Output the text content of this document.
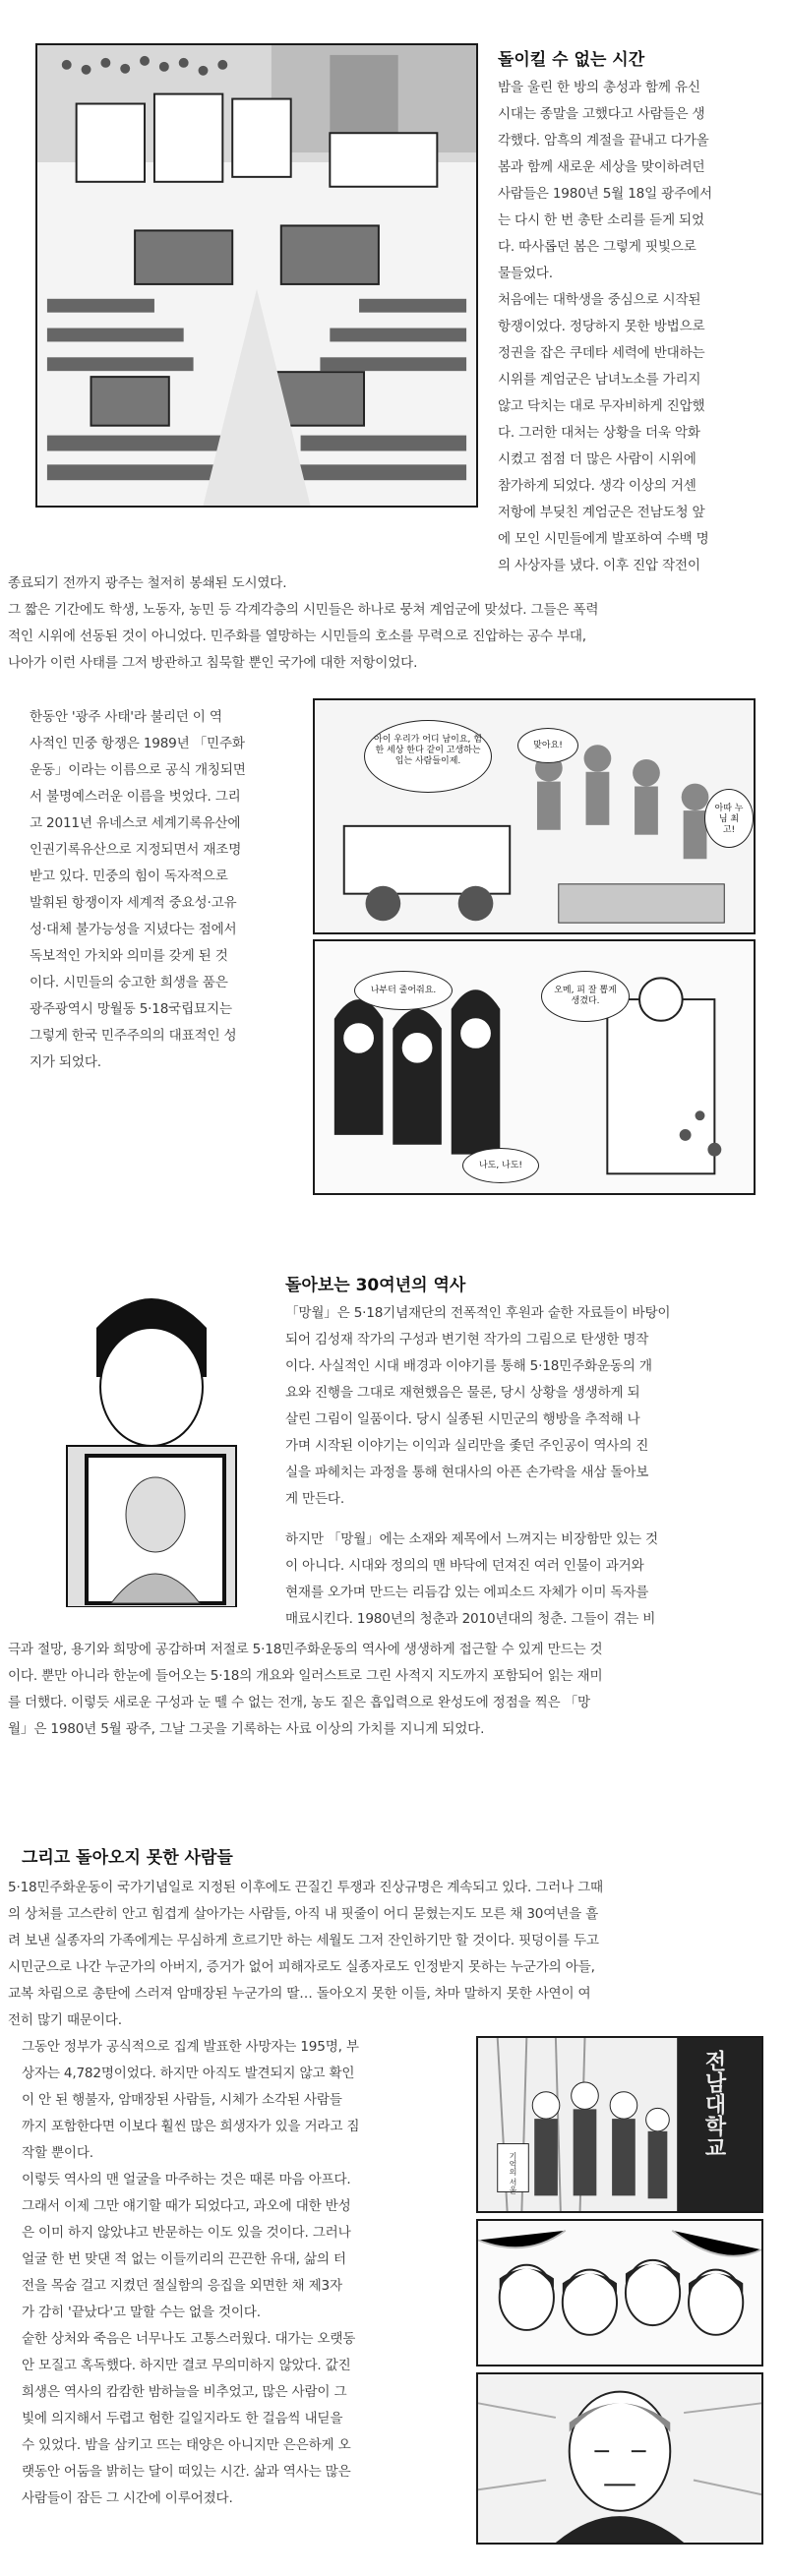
돌이킬 수 없는 시간
밤을 울린 한 방의 총성과 함께 유신
시대는 종말을 고했다고 사람들은 생
각했다. 암흑의 계절을 끝내고 다가올
봄과 함께 새로운 세상을 맞이하려던
사람들은 1980년 5월 18일 광주에서
는 다시 한 번 총탄 소리를 듣게 되었
다. 따사롭던 봄은 그렇게 핏빛으로
물들었다.
처음에는 대학생을 중심으로 시작된
항쟁이었다. 정당하지 못한 방법으로
정권을 잡은 쿠데타 세력에 반대하는
시위를 계엄군은 남녀노소를 가리지
않고 닥치는 대로 무자비하게 진압했
다. 그러한 대처는 상황을 더욱 악화
시켰고 점점 더 많은 사람이 시위에
참가하게 되었다. 생각 이상의 거센
저항에 부딪친 계엄군은 전남도청 앞
에 모인 시민들에게 발포하여 수백 명
의 사상자를 냈다. 이후 진압 작전이
종료되기 전까지 광주는 철저히 봉쇄된 도시였다.
그 짧은 기간에도 학생, 노동자, 농민 등 각계각층의 시민들은 하나로 뭉쳐 계엄군에 맞섰다. 그들은 폭력
적인 시위에 선동된 것이 아니었다. 민주화를 열망하는 시민들의 호소를 무력으로 진압하는 공수 부대,
나아가 이런 사태를 그저 방관하고 침묵할 뿐인 국가에 대한 저항이었다.
한동안 '광주 사태'라 불리던 이 역
사적인 민중 항쟁은 1989년 「민주화
운동」이라는 이름으로 공식 개칭되면
서 불명예스러운 이름을 벗었다. 그리
고 2011년 유네스코 세계기록유산에
인권기록유산으로 지정되면서 재조명
받고 있다. 민중의 힘이 독자적으로
발휘된 항쟁이자 세계적 중요성·고유
성·대체 불가능성을 지녔다는 점에서
독보적인 가치와 의미를 갖게 된 것
이다. 시민들의 숭고한 희생을 품은
광주광역시 망월동 5·18국립묘지는
그렇게 한국 민주주의의 대표적인 성
지가 되었다.
아이 우리가 어디 남이요, 험한 세상 한다 같이 고생하는 입는 사람들이제.
맞아요!
아따 누님 최고!
나부터 줄어줘요.	오메, 피 잘 뽑게 생겼다.
나도, 나도!
돌아보는 30여년의 역사
「망월」은 5·18기념재단의 전폭적인 후원과 숱한 자료들이 바탕이
되어 김성재 작가의 구성과 변기현 작가의 그림으로 탄생한 명작
이다. 사실적인 시대 배경과 이야기를 통해 5·18민주화운동의 개
요와 진행을 그대로 재현했음은 물론, 당시 상황을 생생하게 되
살린 그림이 일품이다. 당시 실종된 시민군의 행방을 추적해 나
가며 시작된 이야기는 이익과 실리만을 좇던 주인공이 역사의 진
실을 파헤치는 과정을 통해 현대사의 아픈 손가락을 새삼 돌아보
게 만든다.
하지만 「망월」에는 소재와 제목에서 느껴지는 비장함만 있는 것
이 아니다. 시대와 정의의 맨 바닥에 던져진 여러 인물이 과거와
현재를 오가며 만드는 리듬감 있는 에피소드 자체가 이미 독자를
매료시킨다. 1980년의 청춘과 2010년대의 청춘. 그들이 겪는 비
극과 절망, 용기와 희망에 공감하며 저절로 5·18민주화운동의 역사에 생생하게 접근할 수 있게 만드는 것
이다. 뿐만 아니라 한눈에 들어오는 5·18의 개요와 일러스트로 그린 사적지 지도까지 포함되어 읽는 재미
를 더했다. 이렇듯 새로운 구성과 눈 뗄 수 없는 전개, 농도 짙은 흡입력으로 완성도에 정점을 찍은 「망
월」은 1980년 5월 광주, 그날 그곳을 기록하는 사료 이상의 가치를 지니게 되었다.
그리고 돌아오지 못한 사람들
5·18민주화운동이 국가기념일로 지정된 이후에도 끈질긴 투쟁과 진상규명은 계속되고 있다. 그러나 그때
의 상처를 고스란히 안고 힘겹게 살아가는 사람들, 아직 내 핏줄이 어디 묻혔는지도 모른 채 30여년을 흘
려 보낸 실종자의 가족에게는 무심하게 흐르기만 하는 세월도 그저 잔인하기만 할 것이다. 핏덩이를 두고
시민군으로 나간 누군가의 아버지, 증거가 없어 피해자로도 실종자로도 인정받지 못하는 누군가의 아들,
교복 차림으로 총탄에 스러져 암매장된 누군가의 딸… 돌아오지 못한 이들, 차마 말하지 못한 사연이 여
전히 많기 때문이다.
그동안 정부가 공식적으로 집계 발표한 사망자는 195명, 부
상자는 4,782명이었다. 하지만 아직도 발견되지 않고 확인
이 안 된 행불자, 암매장된 사람들, 시체가 소각된 사람들
까지 포함한다면 이보다 훨씬 많은 희생자가 있을 거라고 짐
작할 뿐이다.
이렇듯 역사의 맨 얼굴을 마주하는 것은 때론 마음 아프다.
그래서 이제 그만 얘기할 때가 되었다고, 과오에 대한 반성
은 이미 하지 않았냐고 반문하는 이도 있을 것이다. 그러나
얼굴 한 번 맞댄 적 없는 이들끼리의 끈끈한 유대, 삶의 터
전을 목숨 걸고 지켰던 절실함의 응집을 외면한 채 제3자
가 감히 '끝났다'고 말할 수는 없을 것이다.
숱한 상처와 죽음은 너무나도 고통스러웠다. 대가는 오랫동
안 모질고 혹독했다. 하지만 결코 무의미하지 않았다. 값진
희생은 역사의 캄캄한 밤하늘을 비추었고, 많은 사람이 그
빛에 의지해서 두렵고 험한 길일지라도 한 걸음씩 내딛을
수 있었다. 밤을 삼키고 뜨는 태양은 아니지만 은은하게 오
랫동안 어둠을 밝히는 달이 떠있는 시간. 삶과 역사는 많은
사람들이 잠든 그 시간에 이루어졌다.
전남대학교
기억의 서울
